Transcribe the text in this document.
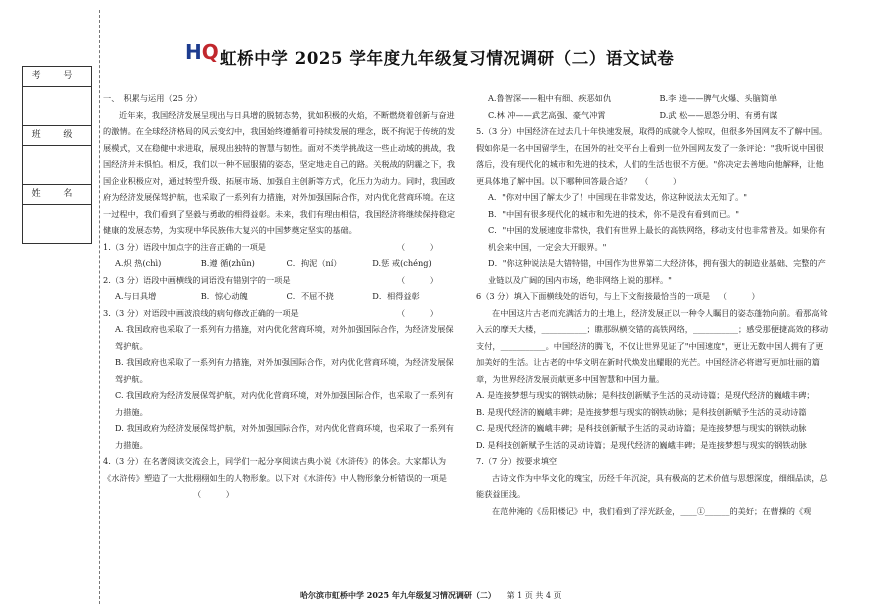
考 号
班 级
姓 名
HQ 虹桥中学 2025 学年度九年级复习情况调研（二）语文试卷

一、　积累与运用（25 分）

近年来，我国经济发展呈现出与日具增的脱韧态势，犹如积极的火焰，不断燃烧着创新与奋进的激情。在全球经济格局的风云变幻中，我国始终遵循着可持续发展的理念，既不拘泥于传统的发展模式，又在稳健中求进取，展现出独特的智慧与韧性。面对不类学挑战这一些止动域的挑战，我国经济并未惧怕。相反，我们以一种不屈服猜的姿态，坚定地走自己的路。关税战的阴霾之下，我国企业积极应对，通过转型升级、拓展市场、加强自主创新等方式，化压力为动力。同时，我国政府为经济发展保驾护航，也采取了一系列有力措施，对外加强国际合作，对内优化营商环境。在这一过程中，我们看到了坚毅与勇敢的相得益彰。未来，我们有理由相信，我国经济将继续保持稳定健康的发展态势，为实现中华民族伟大复兴的中国梦奠定坚实的基础。

1.（3 分）语段中加点字的注音正确的一项是	（　　　）
A.炽 热(chì)	B.遵 循(zhūn)	C．拘泥（ní）	D.惩 戒(chéng)
2.（3 分）语段中画横线的词语没有错别字的一项是	（　　　）
A.与日具增	B．惊心动魄	C．不屈不挠	D．相得益彰
3.（3 分）对语段中画波浪线的病句修改正确的一项是	（　　　）

A. 我国政府也采取了一系列有力措施，对内优化营商环境，对外加强国际合作，为经济发展保驾护航。

B. 我国政府也采取了一系列有力措施，对外加强国际合作，对内优化营商环境，为经济发展保驾护航。

C. 我国政府为经济发展保驾护航，对内优化营商环境，对外加强国际合作，也采取了一系列有力措施。

D. 我国政府为经济发展保驾护航，对外加强国际合作，对内优化营商环境，也采取了一系列有力措施。

4.（3 分）在名著阅读交流会上，同学们一起分享阅读古典小说《水浒传》的体会。大家都认为《水浒传》塑造了一大批栩栩如生的人物形象。以下对《水浒传》中人物形象分析错误的一项是 （　　　）
A.鲁智深——粗中有细、疾恶如仇	B.李 逵——脾气火爆、头脑简单
C.林 冲——武艺高强、豪气冲霄	D.武 松——恩怨分明、有勇有谋
5.（3 分）中国经济在过去几十年快速发展，取得的成就令人惊叹，但很多外国网友不了解中国。假如你是一名中国留学生，在国外的社交平台上看到一位外国网友发了一条评论："我听说中国很落后，没有现代化的城市和先进的技术，人们的生活也很不方便。"你决定去善地向他解释，让他更具体地了解中国。以下哪种回答最合适？ （　　　）

A．"你对中国了解太少了！中国现在非常发达，你这种说法太无知了。"

B．"中国有很多现代化的城市和先进的技术，你不是没有看到而已。"

C．"中国的发展速度非常快，我们有世界上最长的高铁网络，移动支付也非常普及。如果你有机会来中国，一定会大开眼界。"

D．"你这种说法是大错特错，中国作为世界第二大经济体，拥有强大的制造业基础、完整的产业链以及广阔的国内市场，绝非网络上说的那样。"

6（3 分）填入下面横线处的语句，与上下文衔接最恰当的一项是 （　　　）

在中国这片古老而充满活力的土地上，经济发展正以一种令人瞩目的姿态蓬勃向前。看那高耸入云的摩天大楼，___________；瞧那纵横交错的高铁网络，___________；感受那便捷高效的移动支付，___________。中国经济的腾飞，不仅让世界见证了"中国速度"，更让无数中国人拥有了更加美好的生活。让古老的中华文明在新时代焕发出耀眼的光芒。中国经济必将谱写更加壮丽的篇章，为世界经济发展贡献更多中国智慧和中国力量。

A. 是连接梦想与现实的钢铁动脉；是科技创新赋予生活的灵动诗篇；是现代经济的巍峨丰碑；

B. 是现代经济的巍峨丰碑；是连接梦想与现实的钢铁动脉；是科技创新赋予生活的灵动诗篇

C. 是现代经济的巍峨丰碑；是科技创新赋予生活的灵动诗篇；是连接梦想与现实的钢铁动脉

D. 是科技创新赋予生活的灵动诗篇；是现代经济的巍峨丰碑；是连接梦想与现实的钢铁动脉

7.（7 分）按要求填空

古诗文作为中华文化的瑰宝，历经千年沉淀，具有极高的艺术价值与思想深度，细细品读，总能获益匪浅。

在范仲淹的《岳阳楼记》中，我们看到了浮光跃金，____①______的美好；在曹操的《观

哈尔滨市虹桥中学 2025 年九年级复习情况调研（二） 第 1 页 共 4 页
